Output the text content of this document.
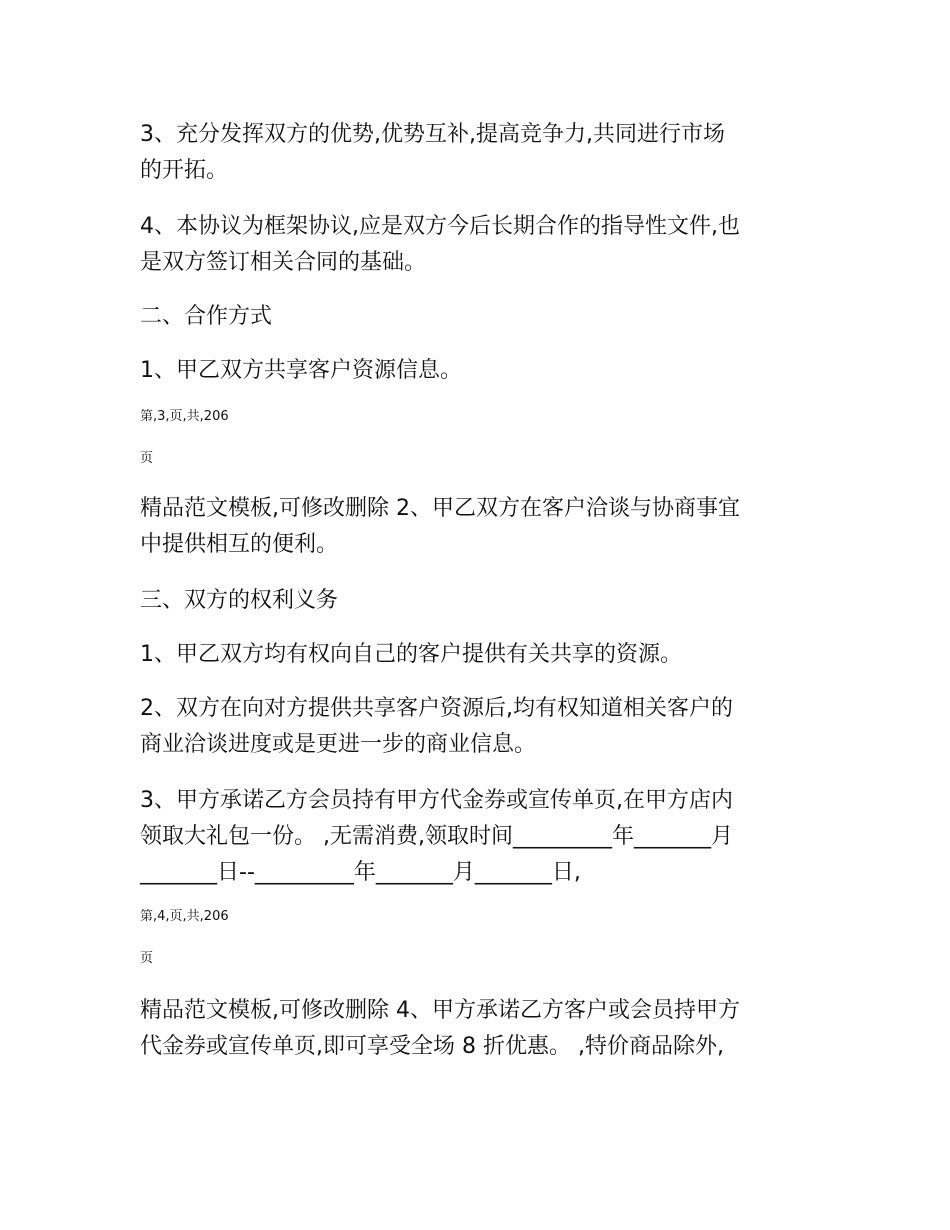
3、充分发挥双方的优势,优势互补,提高竞争力,共同进行市场
的开拓。
4、本协议为框架协议,应是双方今后长期合作的指导性文件,也
是双方签订相关合同的基础。
二、合作方式
1、甲乙双方共享客户资源信息。
第,3,页,共,206
页
精品范文模板,可修改删除 2、甲乙双方在客户洽谈与协商事宜
中提供相互的便利。
三、双方的权利义务
1、甲乙双方均有权向自己的客户提供有关共享的资源。
2、双方在向对方提供共享客户资源后,均有权知道相关客户的
商业洽谈进度或是更进一步的商业信息。
3、甲方承诺乙方会员持有甲方代金券或宣传单页,在甲方店内
领取大礼包一份。 ,无需消费,领取时间_________年_______月
_______日--_________年_______月_______日,
第,4,页,共,206
页
精品范文模板,可修改删除 4、甲方承诺乙方客户或会员持甲方
代金券或宣传单页,即可享受全场 8 折优惠。 ,特价商品除外,
